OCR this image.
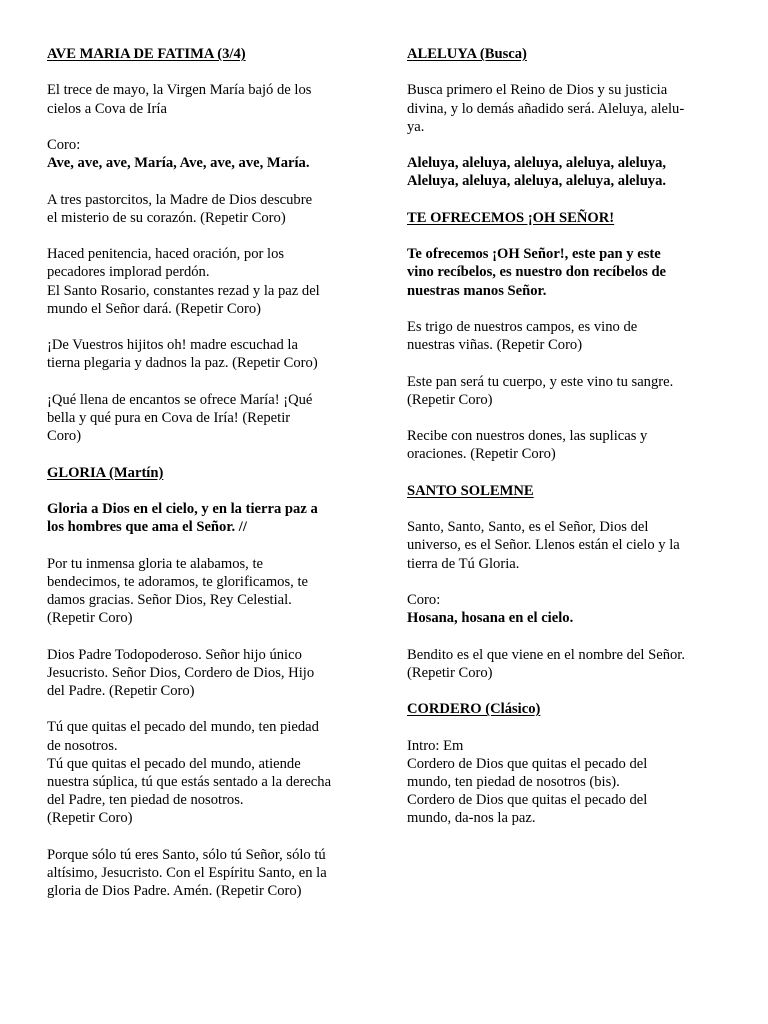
AVE MARIA DE FATIMA (3/4)
El trece de mayo, la Virgen María bajó de los
cielos a Cova de Iría
Coro:
Ave, ave, ave, María, Ave, ave, ave, María.
A tres pastorcitos, la Madre de Dios descubre
el misterio de su corazón. (Repetir Coro)
Haced penitencia, haced oración, por los
pecadores implorad perdón.
El Santo Rosario, constantes rezad y la paz del
mundo el Señor dará. (Repetir Coro)
¡De Vuestros hijitos oh! madre escuchad la
tierna plegaria y dadnos la paz. (Repetir Coro)
¡Qué llena de encantos se ofrece María! ¡Qué
bella y qué pura en Cova de Iría! (Repetir
Coro)
GLORIA (Martín)
Gloria a Dios en el cielo, y en la tierra paz a
los hombres que ama el Señor. //
Por tu inmensa gloria te alabamos, te
bendecimos, te adoramos, te glorificamos, te
damos gracias. Señor Dios, Rey Celestial.
(Repetir Coro)
Dios Padre Todopoderoso. Señor hijo único
Jesucristo. Señor Dios, Cordero de Dios, Hijo
del Padre. (Repetir Coro)
Tú que quitas el pecado del mundo, ten piedad
de nosotros.
Tú que quitas el pecado del mundo, atiende
nuestra súplica, tú que estás sentado a la derecha
del Padre, ten piedad de nosotros.
(Repetir Coro)
Porque sólo tú eres Santo, sólo tú Señor, sólo tú
altísimo, Jesucristo. Con el Espíritu Santo, en la
gloria de Dios Padre. Amén. (Repetir Coro)
ALELUYA (Busca)
Busca primero el Reino de Dios y su justicia
divina, y lo demás añadido será. Aleluya, alelu-
ya.
Aleluya, aleluya, aleluya, aleluya, aleluya,
Aleluya, aleluya, aleluya, aleluya, aleluya.
TE OFRECEMOS ¡OH SEÑOR!
Te ofrecemos ¡OH Señor!, este pan y este
vino recíbelos, es nuestro don recíbelos de
nuestras manos Señor.
Es trigo de nuestros campos, es vino de
nuestras viñas. (Repetir Coro)
Este pan será tu cuerpo, y este vino tu sangre.
(Repetir Coro)
Recibe con nuestros dones, las suplicas y
oraciones. (Repetir Coro)
SANTO SOLEMNE
Santo, Santo, Santo, es el Señor, Dios del
universo, es el Señor. Llenos están el cielo y la
tierra de Tú Gloria.
Coro:
Hosana, hosana en el cielo.
Bendito es el que viene en el nombre del Señor.
(Repetir Coro)
CORDERO (Clásico)
Intro: Em
Cordero de Dios que quitas el pecado del
mundo, ten piedad de nosotros (bis).
Cordero de Dios que quitas el pecado del
mundo, da-nos la paz.
